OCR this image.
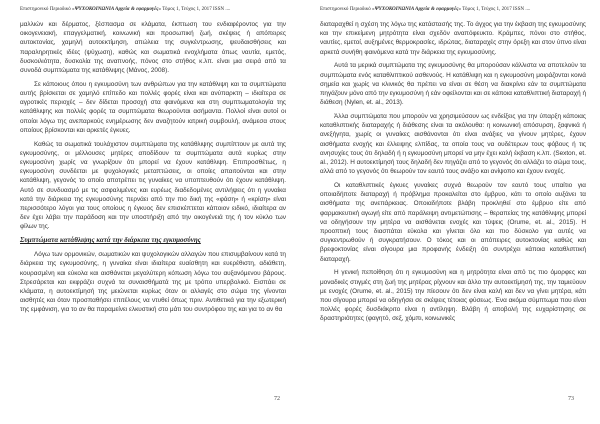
Επιστημονικό Περιοδικό «ΨΥΧΟΚΟΙΝΩΝΙΑ Αρχεία & εφαρμογές» Τόμος 1, Τεύχος 1, 2017 ISSN ....

μαλλιών και δέρματος, ξέσπασμα σε κλάματα, έκπτωση του ενδιαφέροντος για την οικογενειακή, επαγγελματική, κοινωνική και προσωπική ζωή, σκέψεις ή απόπειρες αυτοκτονίας, χαμηλή αυτοεκτίμηση, απώλεια της συγκέντρωσης, ψευδαισθήσεις και παραληρητικές ιδέες (ψύχωση), καθώς και σωματικά ενοχλήματα όπως ναυτία, εμετός, δυσκοιλιότητα, δυσκολία της αναπνοής, πόνος στο στήθος κ.λπ. είναι μια σειρά από τα συνοδά συμπτώματα της κατάθλιψης (Μάνος, 2008).

Σε κάποιους όπου η εγκυμοσύνη των ανθρώπων για την κατάθλιψη και τα συμπτώματα αυτής βρίσκεται σε χαμηλό επίπεδο και πολλές φορές είναι και ανύπαρκτη – ιδιαίτερα σε αγροτικές περιοχές – δεν δίδεται προσοχή στα φαινόμενα και στη συμπτωματολογία της κατάθλιψης και πολλές φορές τα συμπτώματα θεωρούνται ασήμαντα. Πολλοί είναι αυτοί οι οποίοι λόγω της ανεπαρκούς ενημέρωσης δεν αναζητούν ιατρική συμβουλή, ανάμεσα στους οποίους βρίσκονται και αρκετές έγκυες.

Καθώς τα σωματικά τουλάχιστον συμπτώματα της κατάθλιψης συμπίπτουν με αυτά της εγκυμοσύνης, οι μέλλουσες μητέρες αποδίδουν τα συμπτώματα αυτά κυρίως στην εγκυμοσύνη χωρίς να γνωρίζουν ότι μπορεί να έχουν κατάθλιψη. Επιπροσθέτως, η εγκυμοσύνη συνδέεται με ψυχολογικές μεταπτώσεις, οι οποίες απαιτούνται και στην κατάθλιψη, γεγονός το οποίο αποτρέπει τις γυναίκες να υποπτευθούν ότι έχουν κατάθλιψη. Αυτό σε συνδυασμό με τις ασφαλιμένες και ευρέως διαδεδομένες αντιλήψεις ότι η γυναίκα κατά την διάρκεια της εγκυμοσύνης περνάει από την πιο δική της «φάση» ή «κρίση» είναι περισσότερο λόγοι για τους οποίους η έγκυος δεν επισκέπτεται κάποιον ειδικό, ιδιαίτερα αν δεν έχει λάβει την παράδοση και την υποστήριξη από την οικογένειά της ή τον κύκλο των φίλων της.

Συμπτώματα κατάθλιψης κατά την διάρκεια της εγκυμοσύνης

Λόγω των ορμονικών, σωματικών και ψυχολογικών αλλαγών που επισυμβαίνουν κατά τη διάρκεια της εγκυμοσύνης, η γυναίκα είναι ιδιαίτερα ευαίσθητη και ευερέθιστη, αδιάθετη, κουρασμένη και εύκολα και αισθάνεται μεγαλύτερη κόπωση λόγω του αυξανόμενου βάρους. Στρεσάρεται και εκφράζει συχνά τα συναισθήματά της με τρόπο υπερβολικό. Εισπάει σε κλάματα, η αυτοεκτίμησή της μειώνεται κυρίως όταν οι αλλαγές στο σώμα της γίνονται αισθητές και όταν προσπαθήσει επιτέλους να ντυθεί όπως πριν. Αντιθετικά για την εξωτερική της εμφάνιση, για το αν θα παραμείνει ελκυστική στο μάτι του συντρόφου της και για το αν θα

72
Επιστημονικό Περιοδικό «ΨΥΧΟΚΟΙΝΩΝΙΑ Αρχεία & εφαρμογές» Τόμος 1, Τεύχος 1, 2017 ISSN ....

διαταραχθεί η σχέση της λόγω της κατάστασής της. Το άγχος για την έκβαση της εγκυμοσύνης και την επικείμενη μητρότητα είναι σχεδόν αναπόφευκτο. Κράμπες, πόνοι στο στήθος, ναυτίες, εμετοί, αυξημένες θερμοκρασίες, ιδρώτας, διαταραχές στην όρεξη και στον ύπνο είναι αρκετά συνήθη φαινόμενα κατά την διάρκεια της εγκυμοσύνης.

Αυτά τα μερικά συμπτώματα της εγκυμοσύνης θα μπορούσαν κάλλιστα να αποτελούν τα συμπτώματα ενός καταθλιπτικού ασθενούς. Η κατάθλιψη και η εγκυμοσύνη μοιράζονται κοινά σημεία και χωρίς να κλινικός θα πρέπει να είναι σε θέση να διακρίνει εάν τα συμπτώματα πηγάζουν μόνο από την εγκυμοσύνη ή εάν οφείλονται και σε κάποια καταθλιπτική διαταραχή ή διάθεση (Nylen, et. al., 2013).

Άλλα συμπτώματα που μπορούν να χρησιμεύσουν ως ενδείξεις για την ύπαρξη κάποιας καταθλιπτικής διαταραχής ή διάθεσης είναι τα ακόλουθα: η κοινωνική απόσυρση, ξαφνικά ή ανεξήγητα, χωρίς οι γυναίκες αισθάνονται ότι είναι ανάξιες να γίνουν μητέρες, έχουν αισθήματα ενοχής και έλλειψης ελπίδας, τα οποία τους να ουδέτερων τους φόβους ή τις ανησυχίες τους ότι δηλαδή ή η εγκυμοσύνη μπορεί να μην έχει καλή έκβαση κ.λπ. (Sexton, et. al., 2012). Η αυτοεκτίμησή τους δηλαδή δεν πηγάζει από το γεγονός ότι αλλάζει το σώμα τους, αλλά από το γεγονός ότι θεωρούν τον εαυτό τους ανάξιο και ανίψοπο και έχουν ενοχές.

Οι καταθλιπτικές έγκυες γυναίκες συχνά θεωρούν τον εαυτό τους υπαίτιο για οποιαδήποτε διαταραχή ή πρόβλημα προκαλείται στο έμβρυο, κάτι το οποίο αυξάνει τα αισθήματα της ανεπάρκειας. Οποιαδήποτε βλάβη προκληθεί στο έμβρυο είτε από φαρμακευτική αγωγή είτε από παράλειψη αντιμετώπισης – θεραπείας της κατάθλιψης μπορεί να οδηγήσουν την μητέρα να αισθάνεται ενοχές και τύψεις (Orume, et. al., 2015). Η προοπτική τους διασπάται εύκολα και γίνεται όλο και πιο δύσκολο για αυτές να συγκεντρωθούν ή συγκρατήσουν. Ο τόκος και οι απόπειρες αυτοκτονίας καθώς και βρεφοκτονίας είναι σίγουρα μια προφανής ένδειξη ότι συντρέχει κάποια καταθλιπτική διαταραχή.

Η γενική πεποίθηση ότι η εγκυμοσύνη και η μητρότητα είναι από τις πιο όμορφες και μοναδικές στιγμές στη ζωή της μητέρας ρίχνουν και άλλο την αυτοεκτίμησή της, την ταμιεύουν με ενοχές (Orume, et. al., 2015) την πίεσουν ότι δεν είναι καλή και δεν να γίνει μητέρα, κάτι που σίγουρα μπορεί να οδηγήσει σε σκέψεις τέτοιας φύσεως. Ένα ακόμα σύμπτωμα που είναι πολλές φορές δυσδιάκριτο είναι η αντίληψη. Βλάβη ή αποβολή της ευχαρίστησης σε δραστηριότητες (φαγητό, σεξ, χόμπι, κοινωνικές

73
